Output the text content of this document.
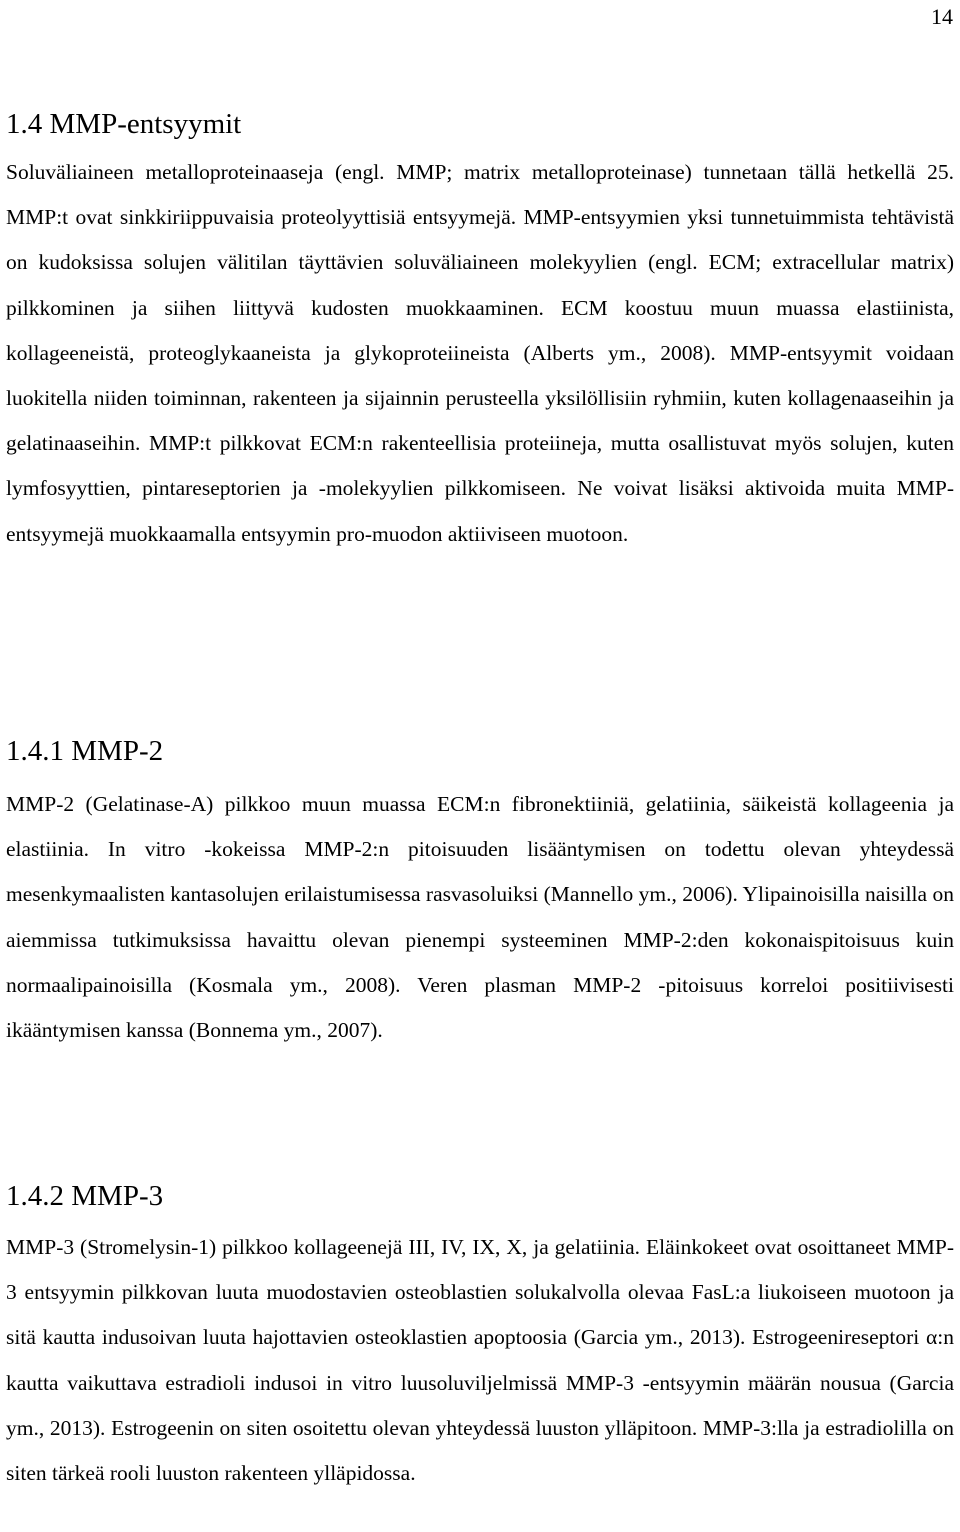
14
1.4 MMP-entsyymit

Soluväliaineen metalloproteinaaseja (engl. MMP; matrix metalloproteinase) tunnetaan tällä hetkellä 25. MMP:t ovat sinkkiriippuvaisia proteolyyttisiä entsyymejä. MMP-entsyymien yksi tunnetuimmista tehtävistä on kudoksissa solujen välitilan täyttävien soluväliaineen molekyylien (engl. ECM; extracellular matrix) pilkkominen ja siihen liittyvä kudosten muokkaaminen. ECM koostuu muun muassa elastiinista, kollageeneistä, proteoglykaaneista ja glykoproteiineista (Alberts ym., 2008). MMP-entsyymit voidaan luokitella niiden toiminnan, rakenteen ja sijainnin perusteella yksilöllisiin ryhmiin, kuten kollagenaaseihin ja gelatinaaseihin. MMP:t pilkkovat ECM:n rakenteellisia proteiineja, mutta osallistuvat myös solujen, kuten lymfosyyttien, pintareseptorien ja -molekyylien pilkkomiseen. Ne voivat lisäksi aktivoida muita MMP-entsyymejä muokkaamalla entsyymin pro-muodon aktiiviseen muotoon.

1.4.1 MMP-2

MMP-2 (Gelatinase-A) pilkkoo muun muassa ECM:n fibronektiiniä, gelatiinia, säikeistä kollageenia ja elastiinia. In vitro -kokeissa MMP-2:n pitoisuuden lisääntymisen on todettu olevan yhteydessä mesenkymaalisten kantasolujen erilaistumisessa rasvasoluiksi (Mannello ym., 2006). Ylipainoisilla naisilla on aiemmissa tutkimuksissa havaittu olevan pienempi systeeminen MMP-2:den kokonaispitoisuus kuin normaalipainoisilla (Kosmala ym., 2008). Veren plasman MMP-2 -pitoisuus korreloi positiivisesti ikääntymisen kanssa (Bonnema ym., 2007).

1.4.2 MMP-3

MMP-3 (Stromelysin-1) pilkkoo kollageenejä III, IV, IX, X, ja gelatiinia. Eläinkokeet ovat osoittaneet MMP-3 entsyymin pilkkovan luuta muodostavien osteoblastien solukalvolla olevaa FasL:a liukoiseen muotoon ja sitä kautta indusoivan luuta hajottavien osteoklastien apoptoosia (Garcia ym., 2013). Estrogeenireseptori α:n kautta vaikuttava estradioli indusoi in vitro luusoluviljelmissä MMP-3 -entsyymin määrän nousua (Garcia ym., 2013). Estrogeenin on siten osoitettu olevan yhteydessä luuston ylläpitoon. MMP-3:lla ja estradiolilla on siten tärkeä rooli luuston rakenteen ylläpidossa.
